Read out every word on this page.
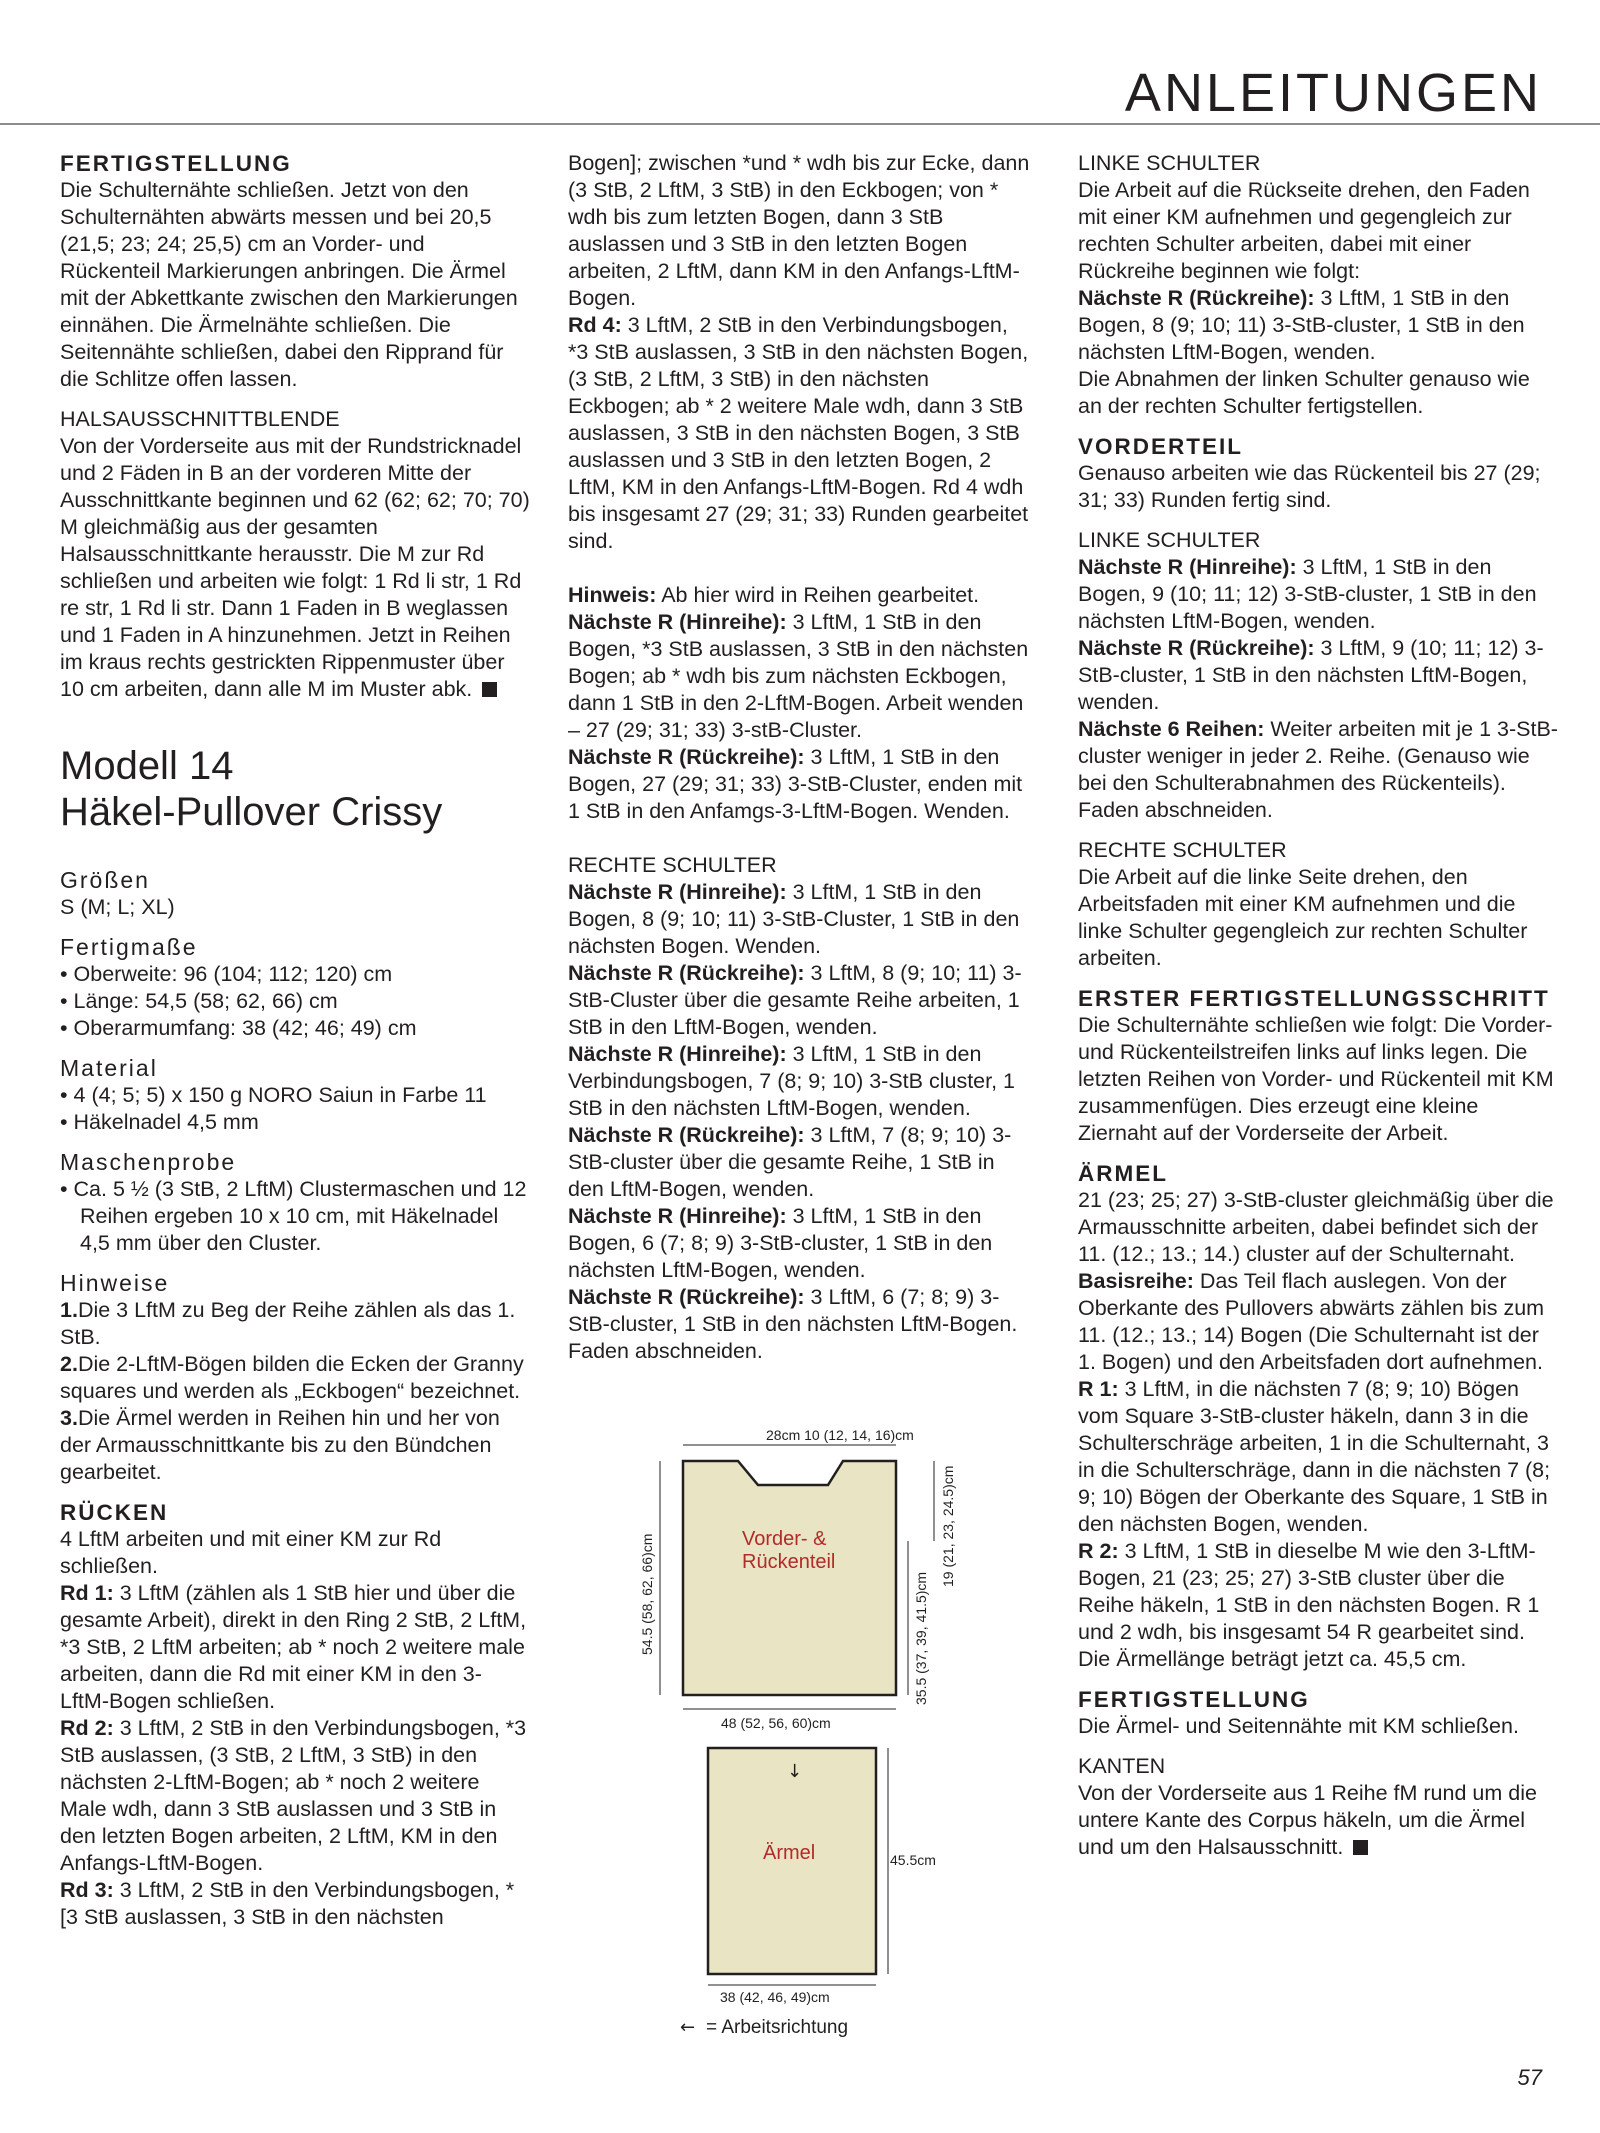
ANLEITUNGEN

FERTIGSTELLUNG

Die Schulternähte schließen. Jetzt von den Schulternähten abwärts messen und bei 20,5 (21,5; 23; 24; 25,5) cm an Vorder- und Rückenteil Markierungen anbringen. Die Ärmel mit der Abkettkante zwischen den Markierungen einnähen. Die Ärmelnähte schließen. Die Seitennähte schließen, dabei den Ripprand für die Schlitze offen lassen.

HALSAUSSCHNITTBLENDE

Von der Vorderseite aus mit der Rundstricknadel und 2 Fäden in B an der vorderen Mitte der Ausschnittkante beginnen und 62 (62; 62; 70; 70) M gleichmäßig aus der gesamten Halsausschnittkante herausstr. Die M zur Rd schließen und arbeiten wie folgt: 1 Rd li str, 1 Rd re str, 1 Rd li str. Dann 1 Faden in B weglassen und 1 Faden in A hinzunehmen. Jetzt in Reihen im kraus rechts gestrickten Rippenmuster über 10 cm arbeiten, dann alle M im Muster abk.

Modell 14
Häkel-Pullover Crissy

Größen

S (M; L; XL)

Fertigmaße

• Oberweite: 96 (104; 112; 120) cm
• Länge: 54,5 (58; 62, 66) cm
• Oberarmumfang: 38 (42; 46; 49) cm

Material

• 4 (4; 5; 5) x 150 g NORO Saiun in Farbe 11
• Häkelnadel 4,5 mm

Maschenprobe

• Ca. 5 ½ (3 StB, 2 LftM) Clustermaschen und 12 Reihen ergeben 10 x 10 cm, mit Häkelnadel 4,5 mm über den Cluster.

Hinweise

1.Die 3 LftM zu Beg der Reihe zählen als das 1. StB.

2.Die 2-LftM-Bögen bilden die Ecken der Granny squares und werden als „Eckbogen“ bezeichnet.

3.Die Ärmel werden in Reihen hin und her von der Armausschnittkante bis zu den Bündchen gearbeitet.

RÜCKEN

4 LftM arbeiten und mit einer KM zur Rd schließen.

Rd 1: 3 LftM (zählen als 1 StB hier und über die gesamte Arbeit), direkt in den Ring 2 StB, 2 LftM, *3 StB, 2 LftM arbeiten; ab * noch 2 weitere male arbeiten, dann die Rd mit einer KM in den 3-LftM-Bogen schließen.

Rd 2: 3 LftM, 2 StB in den Verbindungsbogen, *3 StB auslassen, (3 StB, 2 LftM, 3 StB) in den nächsten 2-LftM-Bogen; ab * noch 2 weitere Male wdh, dann 3 StB auslassen und 3 StB in den letzten Bogen arbeiten, 2 LftM, KM in den Anfangs-LftM-Bogen.

Rd 3: 3 LftM, 2 StB in den Verbindungsbogen, *[3 StB auslassen, 3 StB in den nächsten

Bogen]; zwischen *und * wdh bis zur Ecke, dann (3 StB, 2 LftM, 3 StB) in den Eckbogen; von * wdh bis zum letzten Bogen, dann 3 StB auslassen und 3 StB in den letzten Bogen arbeiten, 2 LftM, dann KM in den Anfangs-LftM-Bogen.

Rd 4: 3 LftM, 2 StB in den Verbindungsbogen, *3 StB auslassen, 3 StB in den nächsten Bogen, (3 StB, 2 LftM, 3 StB) in den nächsten Eckbogen; ab * 2 weitere Male wdh, dann 3 StB auslassen, 3 StB in den nächsten Bogen, 3 StB auslassen und 3 StB in den letzten Bogen, 2 LftM, KM in den Anfangs-LftM-Bogen. Rd 4 wdh bis insgesamt 27 (29; 31; 33) Runden gearbeitet sind.

Hinweis: Ab hier wird in Reihen gearbeitet.

Nächste R (Hinreihe): 3 LftM, 1 StB in den Bogen, *3 StB auslassen, 3 StB in den nächsten Bogen; ab * wdh bis zum nächsten Eckbogen, dann 1 StB in den 2-LftM-Bogen. Arbeit wenden – 27 (29; 31; 33) 3-stB-Cluster.

Nächste R (Rückreihe): 3 LftM, 1 StB in den Bogen, 27 (29; 31; 33) 3-StB-Cluster, enden mit 1 StB in den Anfamgs-3-LftM-Bogen. Wenden.

RECHTE SCHULTER

Nächste R (Hinreihe): 3 LftM, 1 StB in den Bogen, 8 (9; 10; 11) 3-StB-Cluster, 1 StB in den nächsten Bogen. Wenden.

Nächste R (Rückreihe): 3 LftM, 8 (9; 10; 11) 3-StB-Cluster über die gesamte Reihe arbeiten, 1 StB in den LftM-Bogen, wenden.

Nächste R (Hinreihe): 3 LftM, 1 StB in den Verbindungsbogen, 7 (8; 9; 10) 3-StB cluster, 1 StB in den nächsten LftM-Bogen, wenden.

Nächste R (Rückreihe): 3 LftM, 7 (8; 9; 10) 3-StB-cluster über die gesamte Reihe, 1 StB in den LftM-Bogen, wenden.

Nächste R (Hinreihe): 3 LftM, 1 StB in den Bogen, 6 (7; 8; 9) 3-StB-cluster, 1 StB in den nächsten LftM-Bogen, wenden.

Nächste R (Rückreihe): 3 LftM, 6 (7; 8; 9) 3-StB-cluster, 1 StB in den nächsten LftM-Bogen. Faden abschneiden.

28cm 10 (12, 14, 16)cm
54.5 (58, 62, 66)cm	35.5 (37, 39, 41.5)cm
19 (21, 23, 24.5)cm
Vorder- &
Rückenteil
48 (52, 56, 60)cm
↓
Ärmel	45.5cm
38 (42, 46, 49)cm
← = Arbeitsrichtung

LINKE SCHULTER

Die Arbeit auf die Rückseite drehen, den Faden mit einer KM aufnehmen und gegengleich zur rechten Schulter arbeiten, dabei mit einer Rückreihe beginnen wie folgt:

Nächste R (Rückreihe): 3 LftM, 1 StB in den Bogen, 8 (9; 10; 11) 3-StB-cluster, 1 StB in den nächsten LftM-Bogen, wenden.

Die Abnahmen der linken Schulter genauso wie an der rechten Schulter fertigstellen.

VORDERTEIL

Genauso arbeiten wie das Rückenteil bis 27 (29; 31; 33) Runden fertig sind.

LINKE SCHULTER

Nächste R (Hinreihe): 3 LftM, 1 StB in den Bogen, 9 (10; 11; 12) 3-StB-cluster, 1 StB in den nächsten LftM-Bogen, wenden.

Nächste R (Rückreihe): 3 LftM, 9 (10; 11; 12) 3-StB-cluster, 1 StB in den nächsten LftM-Bogen, wenden.

Nächste 6 Reihen: Weiter arbeiten mit je 1 3-StB-cluster weniger in jeder 2. Reihe. (Genauso wie bei den Schulterabnahmen des Rückenteils). Faden abschneiden.

RECHTE SCHULTER

Die Arbeit auf die linke Seite drehen, den Arbeitsfaden mit einer KM aufnehmen und die linke Schulter gegengleich zur rechten Schulter arbeiten.

ERSTER FERTIGSTELLUNGSSCHRITT

Die Schulternähte schließen wie folgt: Die Vorder- und Rückenteilstreifen links auf links legen. Die letzten Reihen von Vorder- und Rückenteil mit KM zusammenfügen. Dies erzeugt eine kleine Ziernaht auf der Vorderseite der Arbeit.

ÄRMEL

21 (23; 25; 27) 3-StB-cluster gleichmäßig über die Armausschnitte arbeiten, dabei befindet sich der 11. (12.; 13.; 14.) cluster auf der Schulternaht.

Basisreihe: Das Teil flach auslegen. Von der Oberkante des Pullovers abwärts zählen bis zum 11. (12.; 13.; 14) Bogen (Die Schulternaht ist der 1. Bogen) und den Arbeitsfaden dort aufnehmen.

R 1: 3 LftM, in die nächsten 7 (8; 9; 10) Bögen vom Square 3-StB-cluster häkeln, dann 3 in die Schulterschräge arbeiten, 1 in die Schulternaht, 3 in die Schulterschräge, dann in die nächsten 7 (8; 9; 10) Bögen der Oberkante des Square, 1 StB in den nächsten Bogen, wenden.

R 2: 3 LftM, 1 StB in dieselbe M wie den 3-LftM-Bogen, 21 (23; 25; 27) 3-StB cluster über die Reihe häkeln, 1 StB in den nächsten Bogen. R 1 und 2 wdh, bis insgesamt 54 R gearbeitet sind. Die Ärmellänge beträgt jetzt ca. 45,5 cm.

FERTIGSTELLUNG

Die Ärmel- und Seitennähte mit KM schließen.

KANTEN

Von der Vorderseite aus 1 Reihe fM rund um die untere Kante des Corpus häkeln, um die Ärmel und um den Halsausschnitt.

57
